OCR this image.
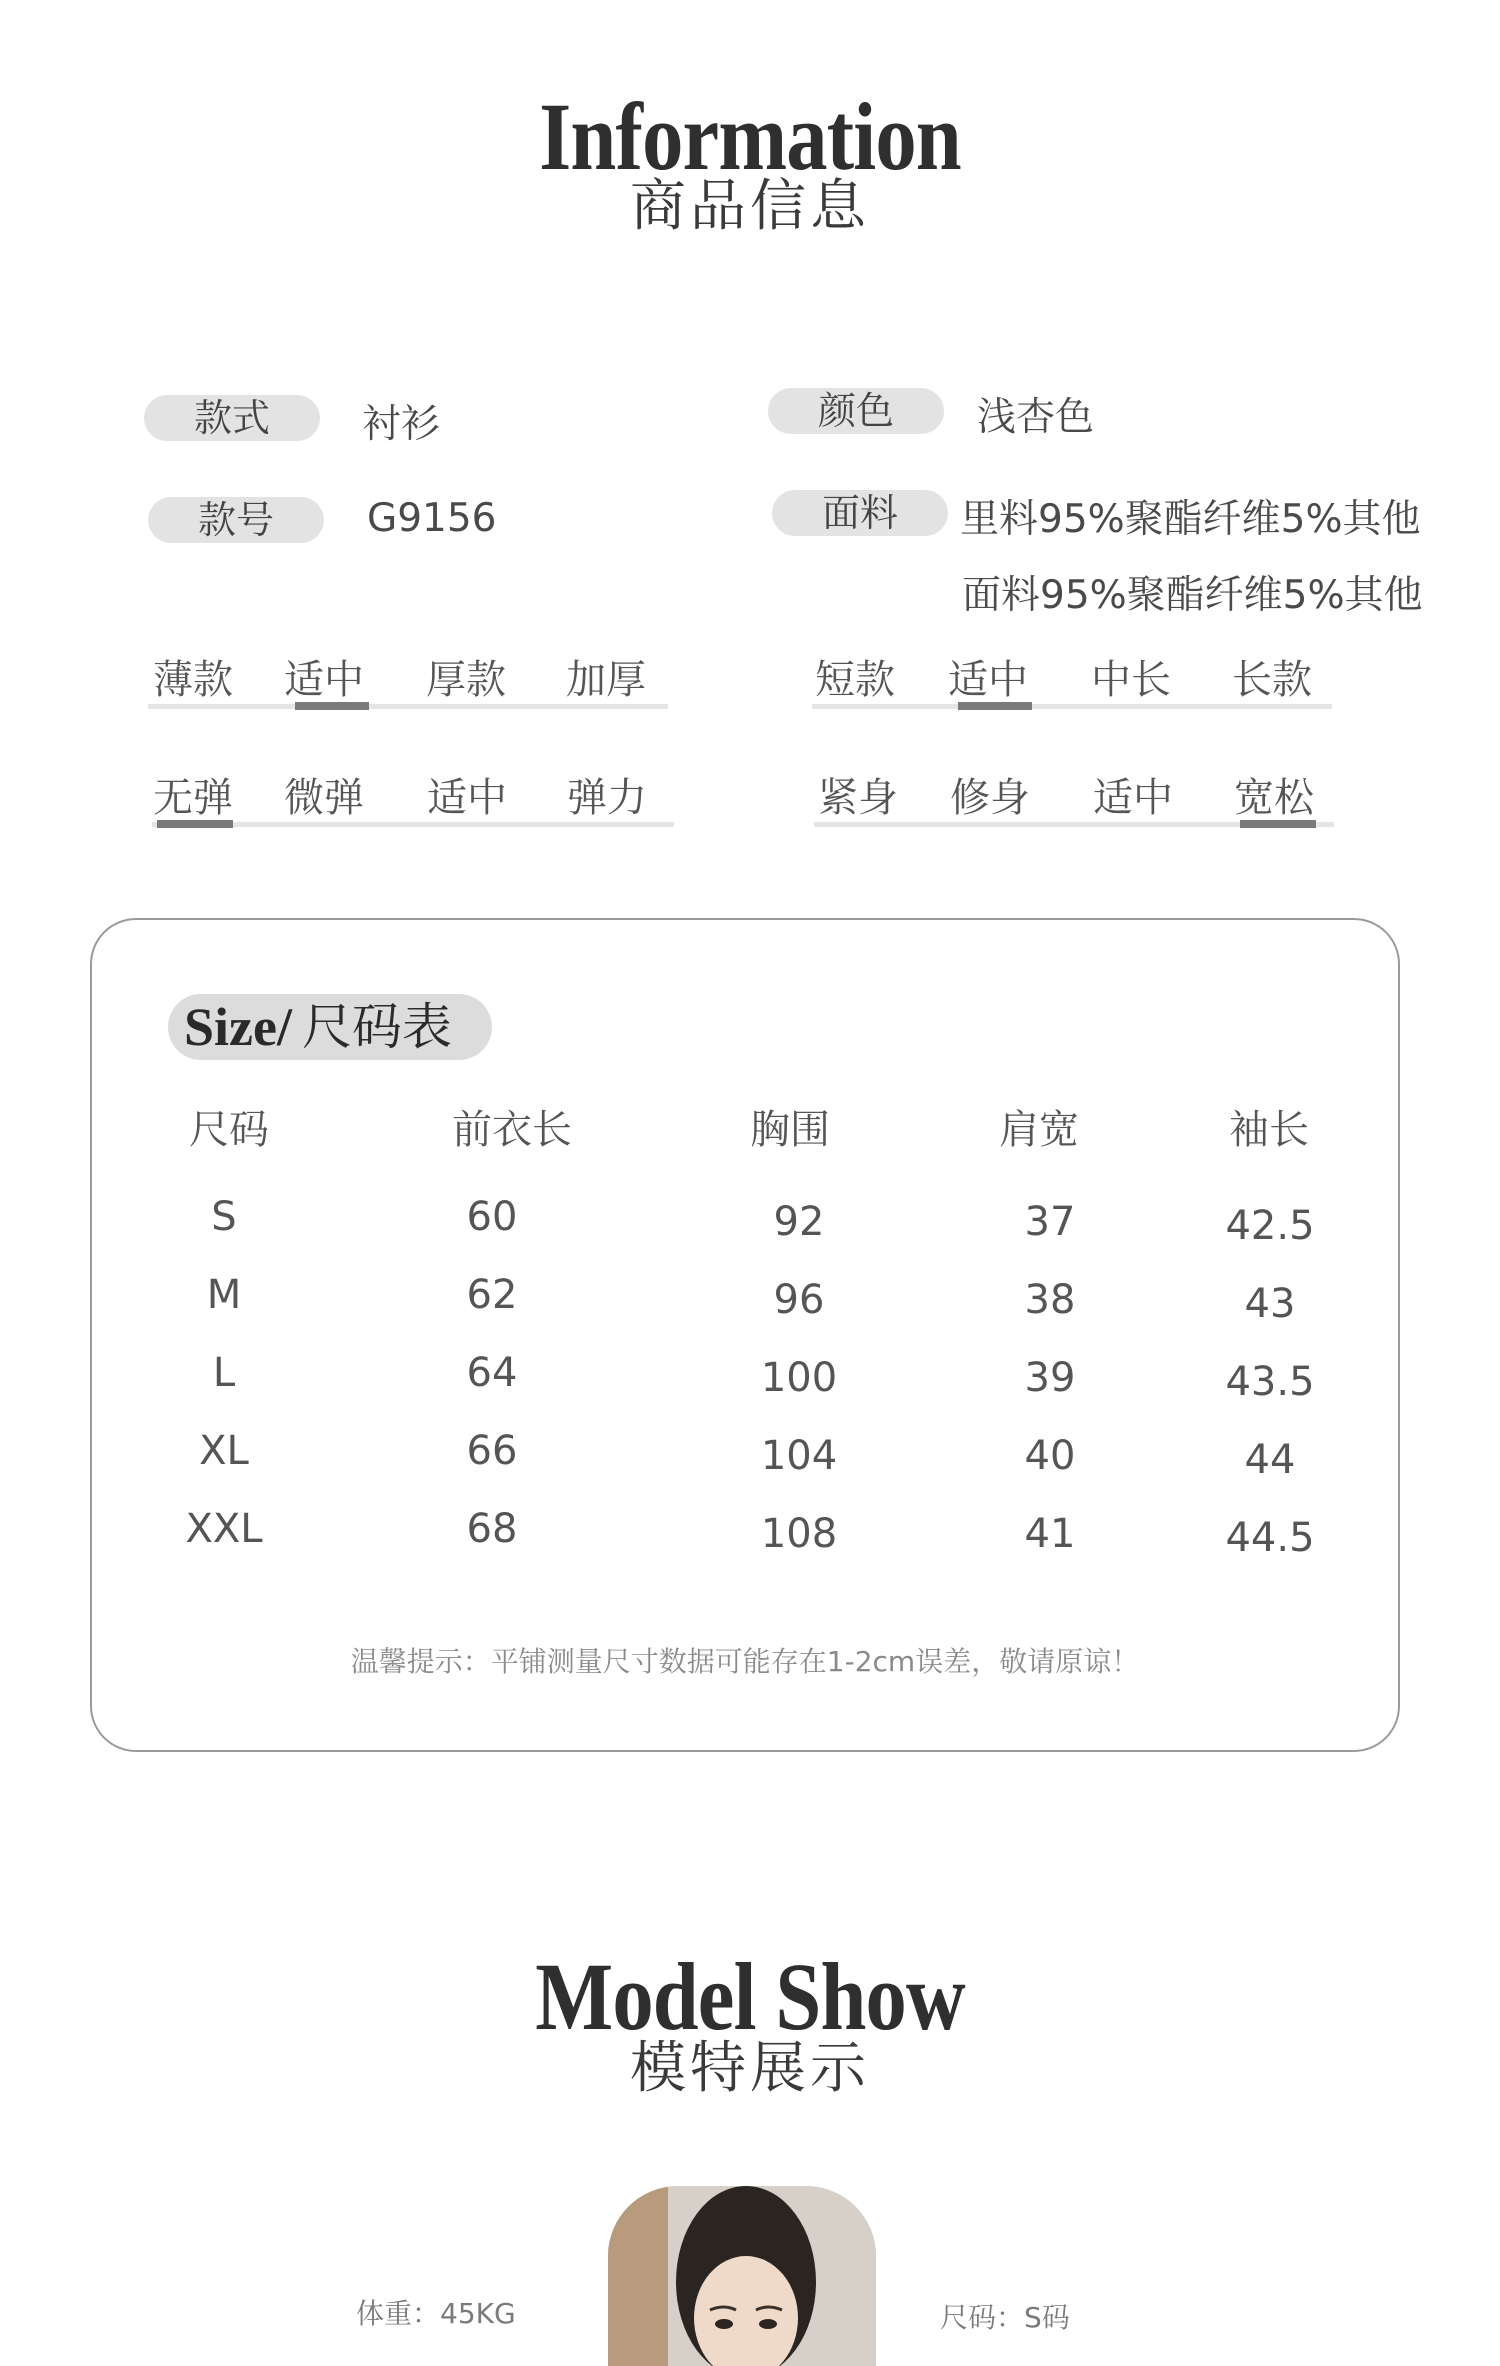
Information
商品信息
款式	衬衫	颜色	浅杏色
款号	G9156	面料	里料95%聚酯纤维5%其他
面料95%聚酯纤维5%其他
薄款 适中 厚款 加厚	短款 适中 中长 长款
无弹 微弹 适中 弹力	紧身 修身 适中 宽松
Size/ 尺码表
尺码	前衣长	胸围	肩宽	袖长
S	60	92	37	42.5
M	62	96	38	43
L	64	100	39	43.5
XL	66	104	40	44
XXL	68	108	41	44.5
温馨提示：平铺测量尺寸数据可能存在1-2cm误差，敬请原谅！
Model Show
模特展示
体重：45KG	尺码：S码
